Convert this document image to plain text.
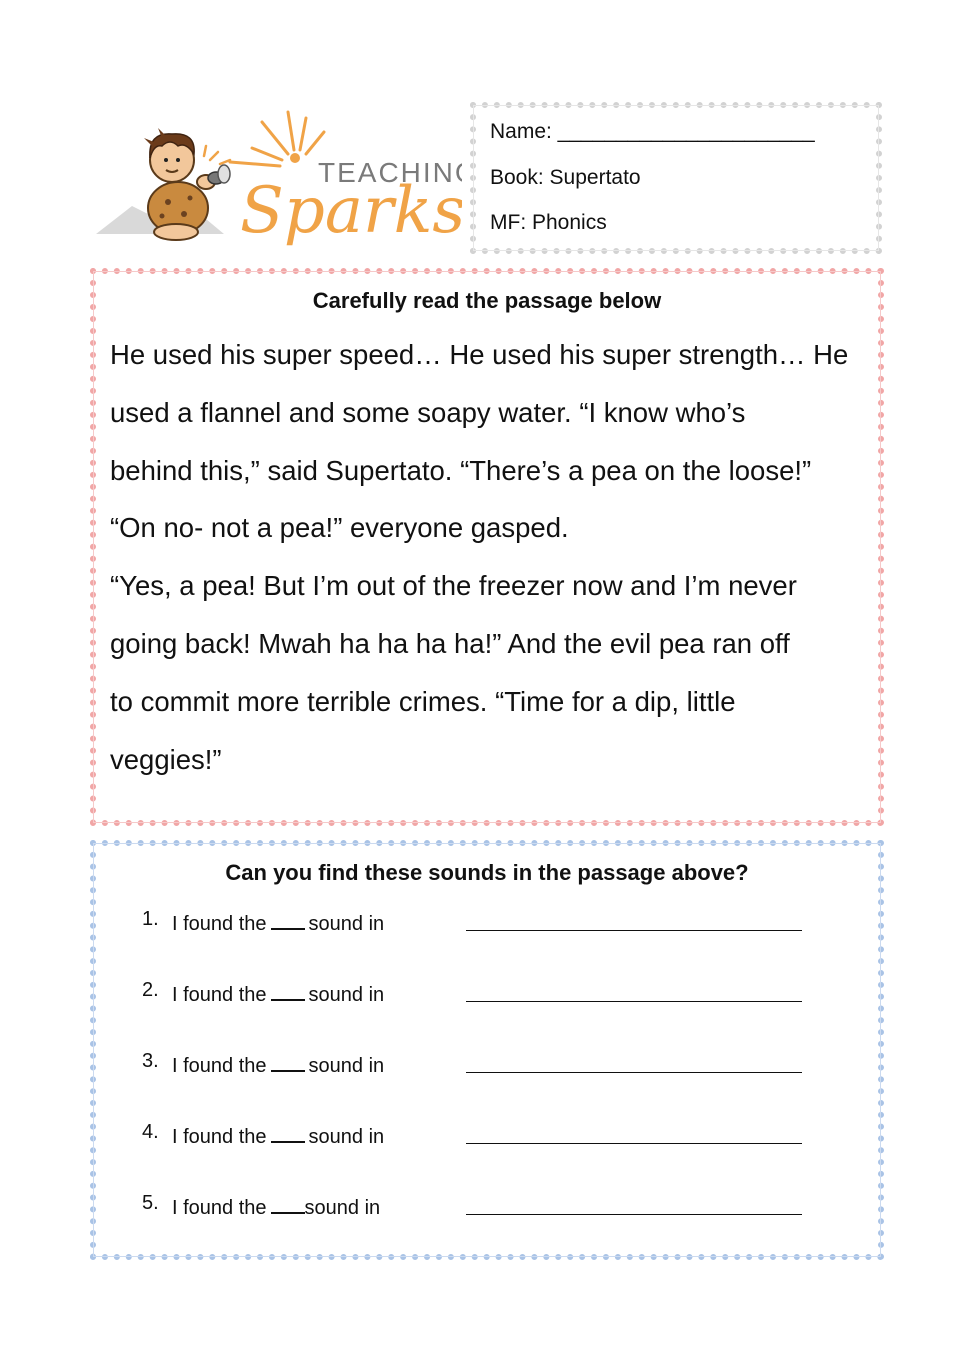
TEACHIN
Sparks
Name: ______________________
Book: Supertato
MF: Phonics
Carefully read the passage below

He used his super speed… He used his super strength… He

used a flannel and some soapy water. “I know who’s

behind this,” said Supertato. “There’s a pea on the loose!”

“On no- not a pea!” everyone gasped.

“Yes, a pea! But I’m out of the freezer now and I’m never

going back! Mwah ha ha ha ha!” And the evil pea ran off

to commit more terrible crimes. “Time for a dip, little

veggies!”

Can you find these sounds in the passage above?
1. I found the sound in
2. I found the sound in
3. I found the sound in
4. I found the sound in
5. I found the sound in
